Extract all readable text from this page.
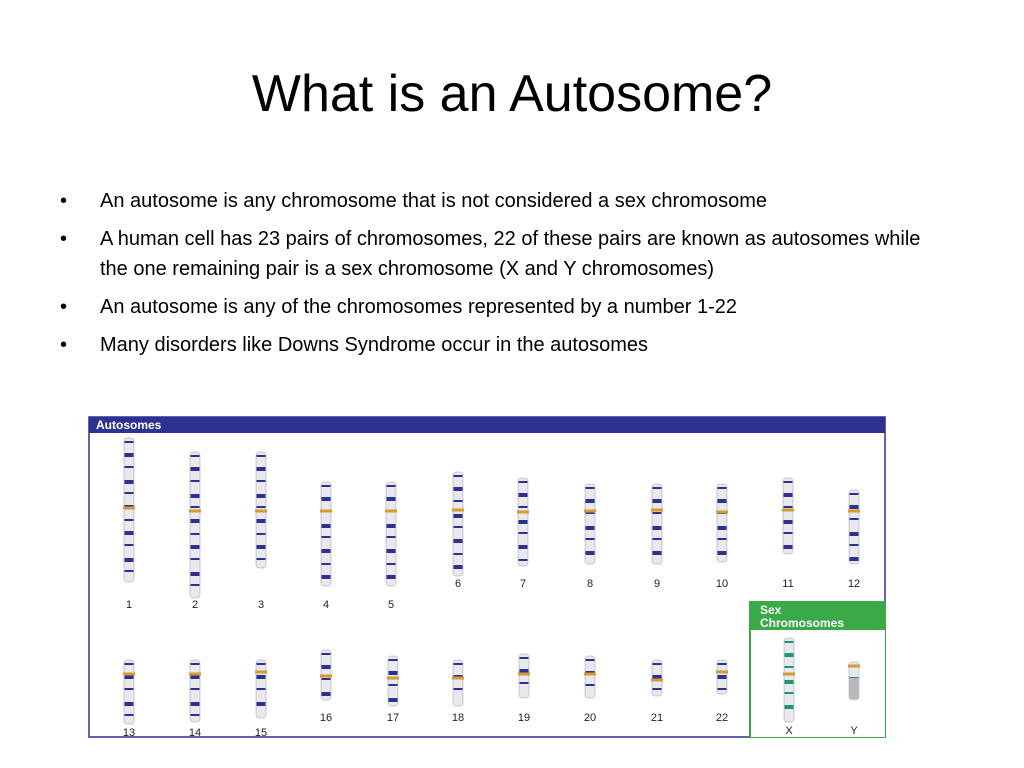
What is an Autosome?
• An autosome is any chromosome that is not considered a sex chromosome
• A human cell has 23 pairs of chromosomes, 22 of these pairs are known as autosomes while the one remaining pair is a sex chromosome (X and Y chromosomes)
• An autosome is any of the chromosomes represented by a number 1-22
• Many disorders like Downs Syndrome occur in the autosomes
Autosomes
Sex
Chromosomes
1	2	3	4	5
6	7	8	9	10	11	12
13	14	15
16	17	18	19	20	21	22
X	Y
